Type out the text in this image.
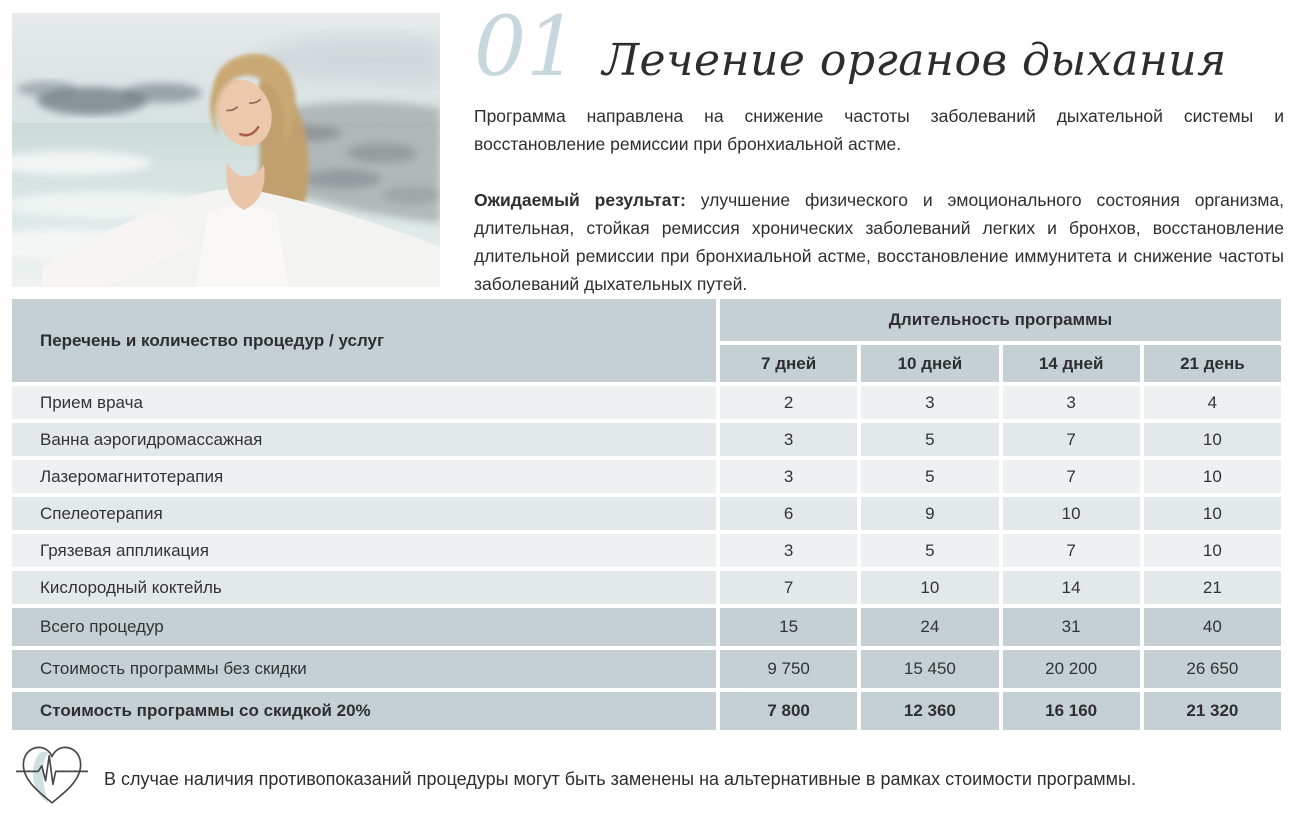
01 Лечение органов дыхания

Программа направлена на снижение частоты заболеваний дыхательной системы и восстановление ремиссии при бронхиальной астме.

Ожидаемый результат: улучшение физического и эмоционального состояния организма, длительная, стойкая ремиссия хронических заболеваний легких и бронхов, восстановление длительной ремиссии при бронхиальной астме, восстановление иммунитета и снижение частоты заболеваний дыхательных путей.

Перечень и количество процедур / услуг
Длительность программы
7 дней	10 дней	14 дней	21 день
Прием врача	2	3	3	4
Ванна аэрогидромассажная	3	5	7	10
Лазеромагнитотерапия	3	5	7	10
Спелеотерапия	6	9	10	10
Грязевая аппликация	3	5	7	10
Кислородный коктейль	7	10	14	21
Всего процедур	15	24	31	40
Стоимость программы без скидки	9 750	15 450	20 200	26 650
Стоимость программы со скидкой 20%	7 800	12 360	16 160	21 320
В случае наличия противопоказаний процедуры могут быть заменены на альтернативные в рамках стоимости программы.
